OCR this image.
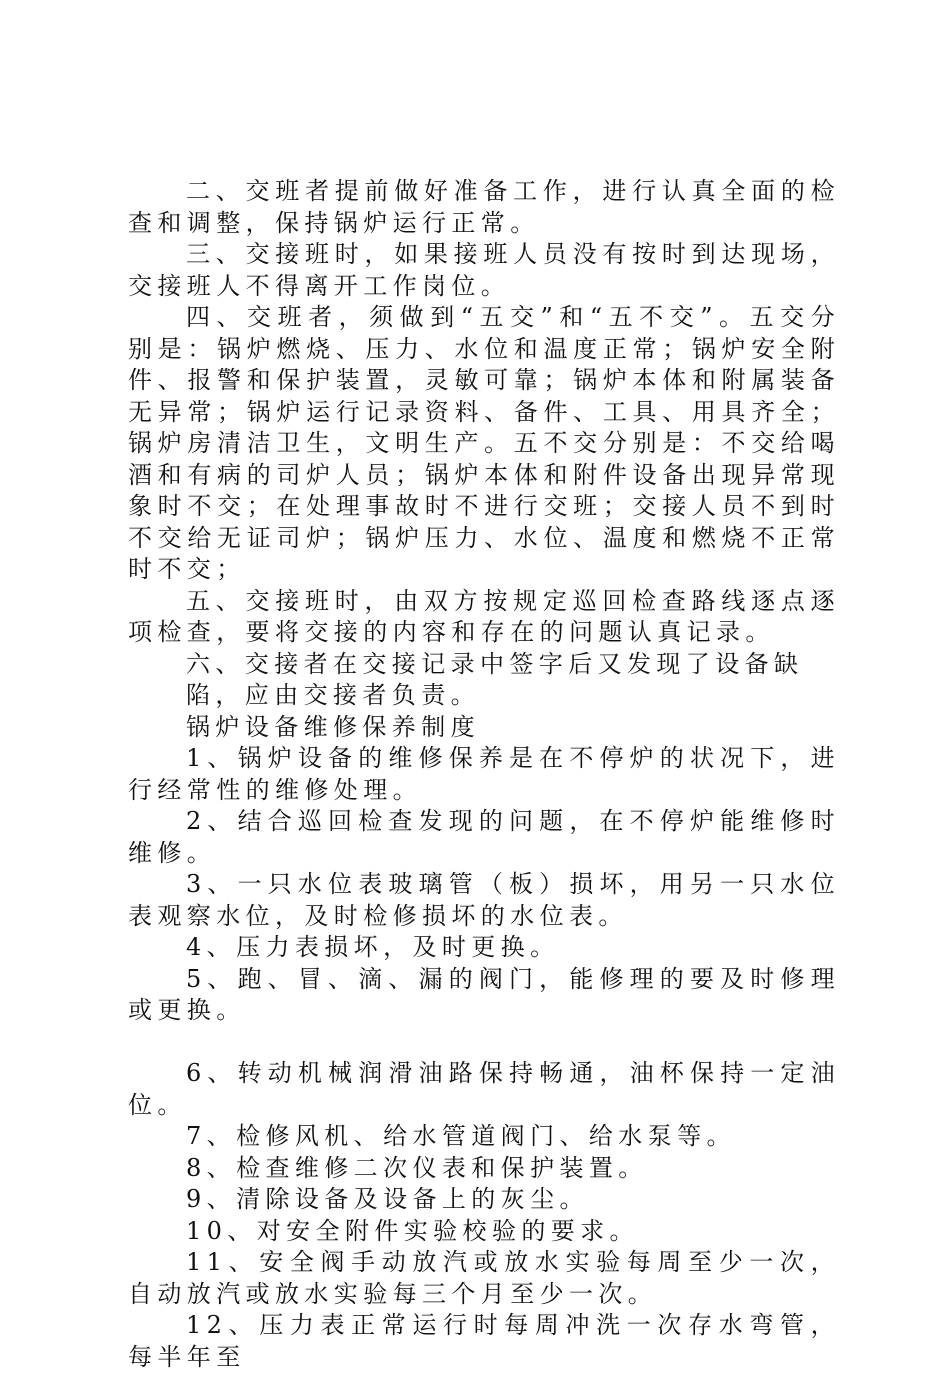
二、交班者提前做好准备工作，进行认真全面的检查和调整，保持锅炉运行正常。

三、交接班时，如果接班人员没有按时到达现场，交接班人不得离开工作岗位。

四、交班者，须做到“五交”和“五不交”。五交分别是：锅炉燃烧、压力、水位和温度正常；锅炉安全附件、报警和保护装置，灵敏可靠；锅炉本体和附属装备无异常；锅炉运行记录资料、备件、工具、用具齐全；锅炉房清洁卫生，文明生产。五不交分别是：不交给喝酒和有病的司炉人员；锅炉本体和附件设备出现异常现象时不交；在处理事故时不进行交班；交接人员不到时不交给无证司炉；锅炉压力、水位、温度和燃烧不正常时不交；

五、交接班时，由双方按规定巡回检查路线逐点逐项检查，要将交接的内容和存在的问题认真记录。

六、交接者在交接记录中签字后又发现了设备缺

陷，应由交接者负责。

锅炉设备维修保养制度

1、锅炉设备的维修保养是在不停炉的状况下，进行经常性的维修处理。

2、结合巡回检查发现的问题，在不停炉能维修时维修。

3、一只水位表玻璃管（板）损坏，用另一只水位表观察水位，及时检修损坏的水位表。

4、压力表损坏，及时更换。

5、跑、冒、滴、漏的阀门，能修理的要及时修理或更换。

6、转动机械润滑油路保持畅通，油杯保持一定油位。

7、检修风机、给水管道阀门、给水泵等。

8、检查维修二次仪表和保护装置。

9、清除设备及设备上的灰尘。

10、对安全附件实验校验的要求。

11、安全阀手动放汽或放水实验每周至少一次，自动放汽或放水实验每三个月至少一次。

12、压力表正常运行时每周冲洗一次存水弯管，每半年至
